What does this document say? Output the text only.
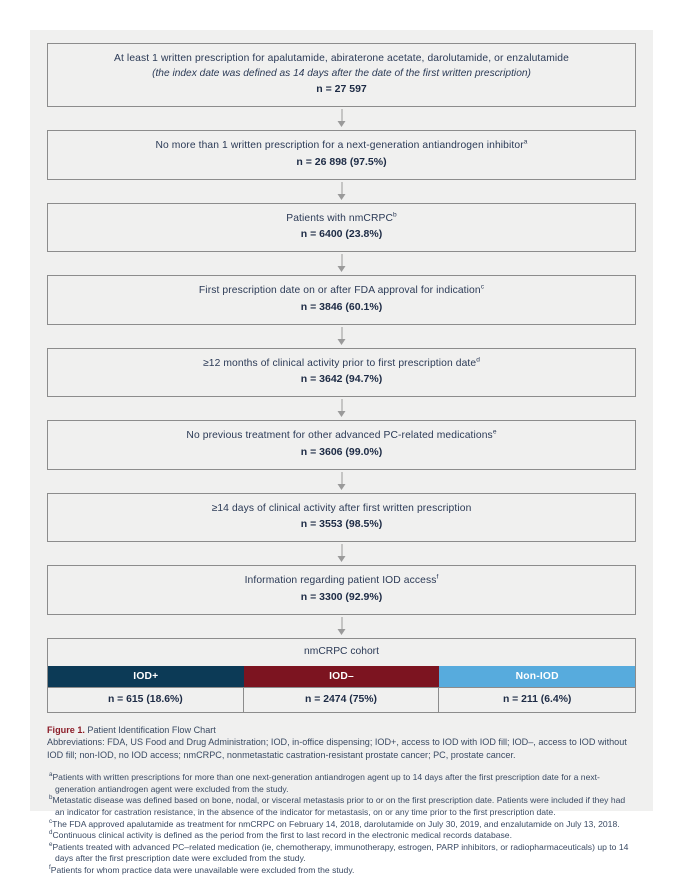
At least 1 written prescription for apalutamide, abiraterone acetate, darolutamide, or enzalutamide
(the index date was defined as 14 days after the date of the first written prescription)
n = 27 597
No more than 1 written prescription for a next-generation antiandrogen inhibitor$^a$
n = 26 898 (97.5%)
Patients with nmCRPC$^b$
n = 6400 (23.8%)
First prescription date on or after FDA approval for indication$^c$
n = 3846 (60.1%)
≥12 months of clinical activity prior to first prescription date$^d$
n = 3642 (94.7%)
No previous treatment for other advanced PC-related medications$^e$
n = 3606 (99.0%)
≥14 days of clinical activity after first written prescription
n = 3553 (98.5%)
Information regarding patient IOD access$^f$
n = 3300 (92.9%)
nmCRPC cohort
IOD+	IOD–	Non-IOD
n = 615 (18.6%)	n = 2474 (75%)	n = 211 (6.4%)
Figure 1. Patient Identification Flow Chart
Abbreviations: FDA, US Food and Drug Administration; IOD, in-office dispensing; IOD+, access to IOD with IOD fill; IOD–, access to IOD without IOD fill; non-IOD, no IOD access; nmCRPC, nonmetastatic castration-resistant prostate cancer; PC, prostate cancer.
$^a$Patients with written prescriptions for more than one next-generation antiandrogen agent up to 14 days after the first prescription date for a next-generation antiandrogen agent were excluded from the study.
$^b$Metastatic disease was defined based on bone, nodal, or visceral metastasis prior to or on the first prescription date. Patients were included if they had an indicator for castration resistance, in the absence of the indicator for metastasis, on or any time prior to the first prescription date.
$^c$The FDA approved apalutamide as treatment for nmCRPC on February 14, 2018, darolutamide on July 30, 2019, and enzalutamide on July 13, 2018.
$^d$Continuous clinical activity is defined as the period from the first to last record in the electronic medical records database.
$^e$Patients treated with advanced PC–related medication (ie, chemotherapy, immunotherapy, estrogen, PARP inhibitors, or radiopharmaceuticals) up to 14 days after the first prescription date were excluded from the study.
$^f$Patients for whom practice data were unavailable were excluded from the study.
